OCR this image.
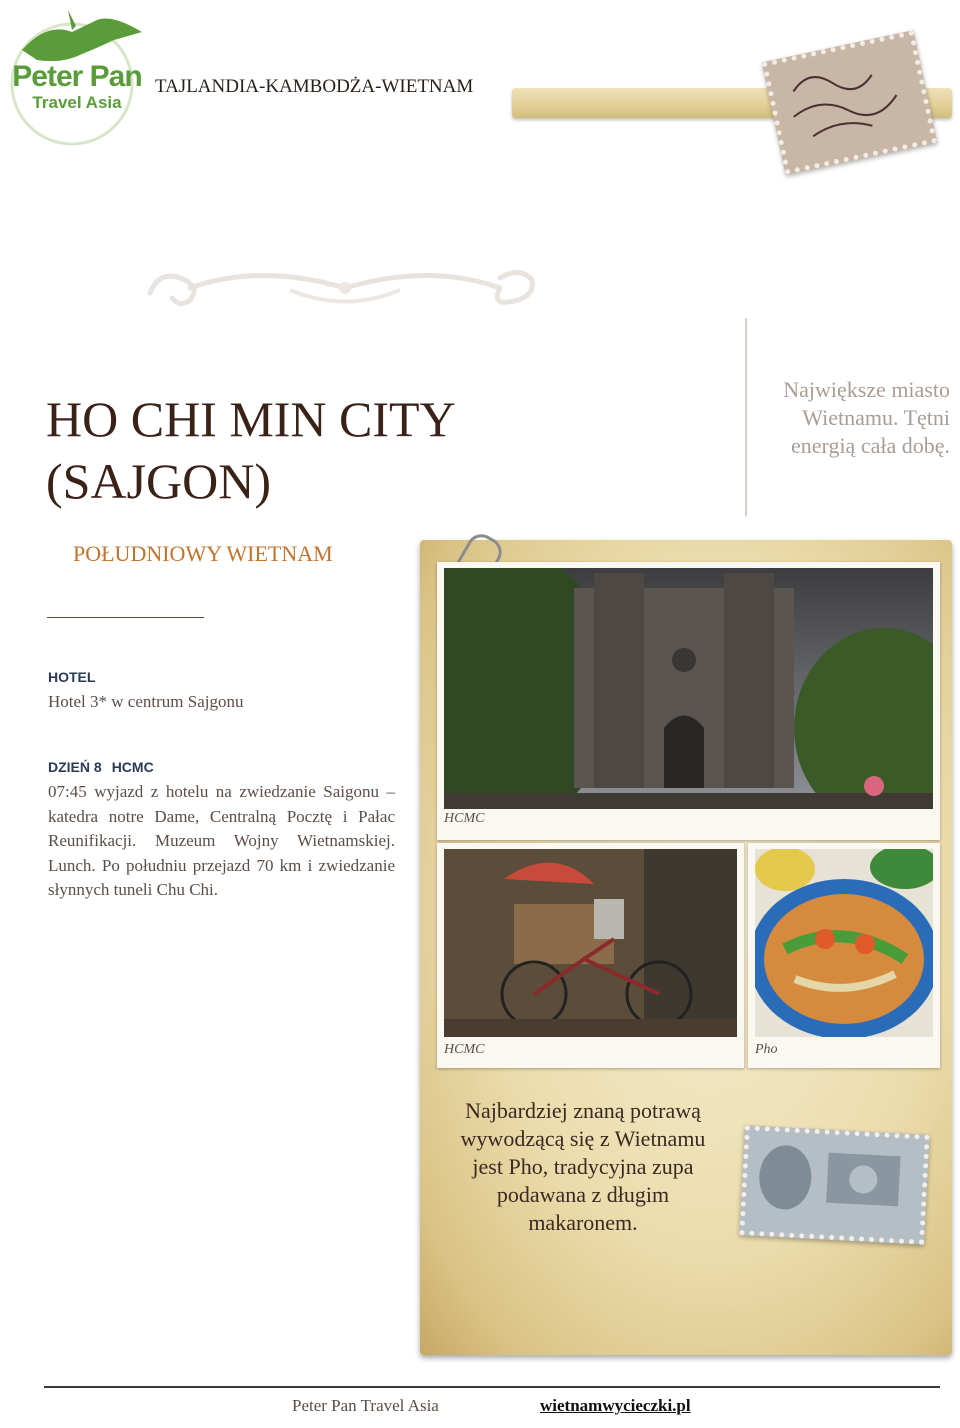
Peter Pan
Travel Asia
TAJLANDIA-KAMBODŻA-WIETNAM
HO CHI MIN CITY
(SAJGON)
Największe miasto Wietnamu. Tętni energią cała dobę.
POŁUDNIOWY WIETNAM
HOTEL
Hotel 3* w centrum Sajgonu
DZIEŃ 8 HCMC
07:45 wyjazd z hotelu na zwiedzanie Saigonu – katedra notre Dame, Centralną Pocztę i Pałac Reunifikacji. Muzeum Wojny Wietnamskiej. Lunch. Po południu przejazd 70 km i zwiedzanie słynnych tuneli Chu Chi.
HCMC
HCMC	Pho
Najbardziej znaną potrawą wywodzącą się z Wietnamu jest Pho, tradycyjna zupa podawana z długim makaronem.
Peter Pan Travel Asia	wietnamwycieczki.pl
